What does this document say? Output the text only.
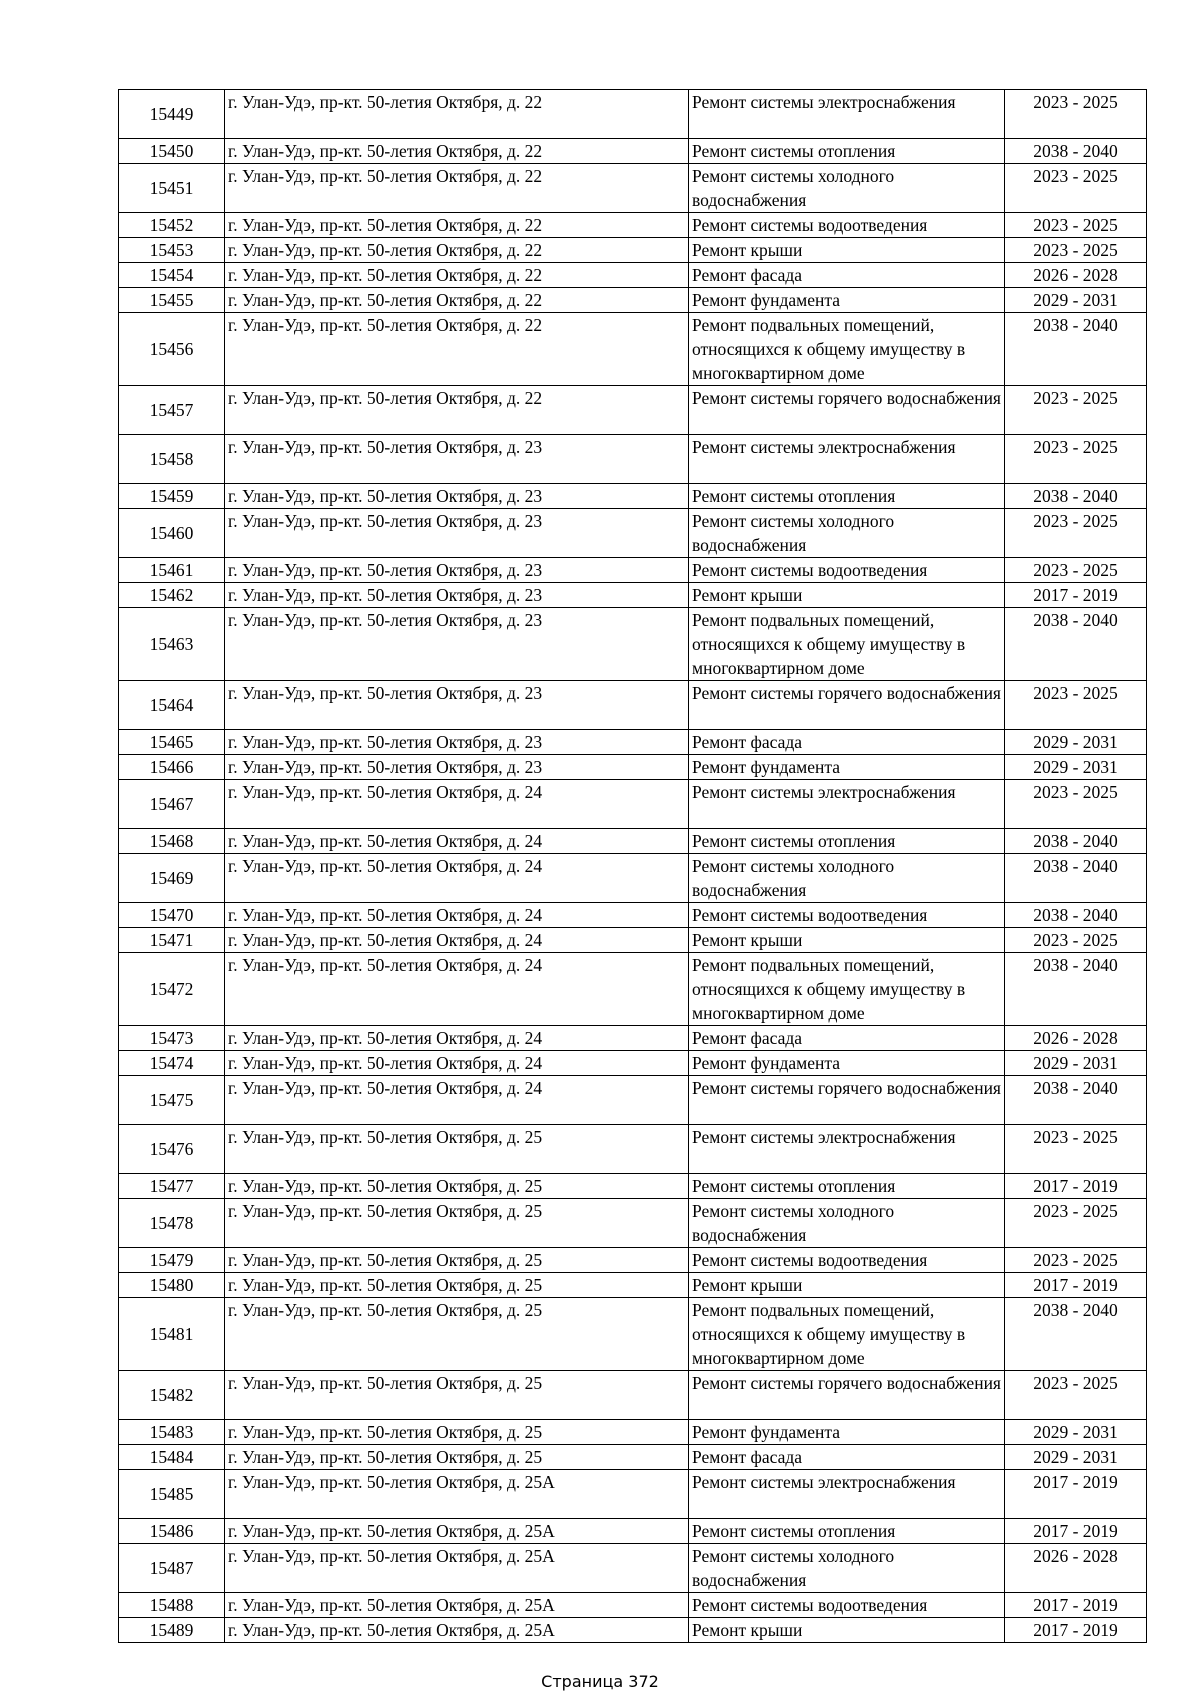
15449	г. Улан-Удэ, пр-кт. 50-летия Октября, д. 22	Ремонт системы электроснабжения	2023 - 2025
15450	г. Улан-Удэ, пр-кт. 50-летия Октября, д. 22	Ремонт системы отопления	2038 - 2040
15451	г. Улан-Удэ, пр-кт. 50-летия Октября, д. 22	Ремонт системы холодного водоснабжения	2023 - 2025
15452	г. Улан-Удэ, пр-кт. 50-летия Октября, д. 22	Ремонт системы водоотведения	2023 - 2025
15453	г. Улан-Удэ, пр-кт. 50-летия Октября, д. 22	Ремонт крыши	2023 - 2025
15454	г. Улан-Удэ, пр-кт. 50-летия Октября, д. 22	Ремонт фасада	2026 - 2028
15455	г. Улан-Удэ, пр-кт. 50-летия Октября, д. 22	Ремонт фундамента	2029 - 2031
15456	г. Улан-Удэ, пр-кт. 50-летия Октября, д. 22	Ремонт подвальных помещений, относящихся к общему имуществу в многоквартирном доме	2038 - 2040
15457	г. Улан-Удэ, пр-кт. 50-летия Октября, д. 22	Ремонт системы горячего водоснабжения	2023 - 2025
15458	г. Улан-Удэ, пр-кт. 50-летия Октября, д. 23	Ремонт системы электроснабжения	2023 - 2025
15459	г. Улан-Удэ, пр-кт. 50-летия Октября, д. 23	Ремонт системы отопления	2038 - 2040
15460	г. Улан-Удэ, пр-кт. 50-летия Октября, д. 23	Ремонт системы холодного водоснабжения	2023 - 2025
15461	г. Улан-Удэ, пр-кт. 50-летия Октября, д. 23	Ремонт системы водоотведения	2023 - 2025
15462	г. Улан-Удэ, пр-кт. 50-летия Октября, д. 23	Ремонт крыши	2017 - 2019
15463	г. Улан-Удэ, пр-кт. 50-летия Октября, д. 23	Ремонт подвальных помещений, относящихся к общему имуществу в многоквартирном доме	2038 - 2040
15464	г. Улан-Удэ, пр-кт. 50-летия Октября, д. 23	Ремонт системы горячего водоснабжения	2023 - 2025
15465	г. Улан-Удэ, пр-кт. 50-летия Октября, д. 23	Ремонт фасада	2029 - 2031
15466	г. Улан-Удэ, пр-кт. 50-летия Октября, д. 23	Ремонт фундамента	2029 - 2031
15467	г. Улан-Удэ, пр-кт. 50-летия Октября, д. 24	Ремонт системы электроснабжения	2023 - 2025
15468	г. Улан-Удэ, пр-кт. 50-летия Октября, д. 24	Ремонт системы отопления	2038 - 2040
15469	г. Улан-Удэ, пр-кт. 50-летия Октября, д. 24	Ремонт системы холодного водоснабжения	2038 - 2040
15470	г. Улан-Удэ, пр-кт. 50-летия Октября, д. 24	Ремонт системы водоотведения	2038 - 2040
15471	г. Улан-Удэ, пр-кт. 50-летия Октября, д. 24	Ремонт крыши	2023 - 2025
15472	г. Улан-Удэ, пр-кт. 50-летия Октября, д. 24	Ремонт подвальных помещений, относящихся к общему имуществу в многоквартирном доме	2038 - 2040
15473	г. Улан-Удэ, пр-кт. 50-летия Октября, д. 24	Ремонт фасада	2026 - 2028
15474	г. Улан-Удэ, пр-кт. 50-летия Октября, д. 24	Ремонт фундамента	2029 - 2031
15475	г. Улан-Удэ, пр-кт. 50-летия Октября, д. 24	Ремонт системы горячего водоснабжения	2038 - 2040
15476	г. Улан-Удэ, пр-кт. 50-летия Октября, д. 25	Ремонт системы электроснабжения	2023 - 2025
15477	г. Улан-Удэ, пр-кт. 50-летия Октября, д. 25	Ремонт системы отопления	2017 - 2019
15478	г. Улан-Удэ, пр-кт. 50-летия Октября, д. 25	Ремонт системы холодного водоснабжения	2023 - 2025
15479	г. Улан-Удэ, пр-кт. 50-летия Октября, д. 25	Ремонт системы водоотведения	2023 - 2025
15480	г. Улан-Удэ, пр-кт. 50-летия Октября, д. 25	Ремонт крыши	2017 - 2019
15481	г. Улан-Удэ, пр-кт. 50-летия Октября, д. 25	Ремонт подвальных помещений, относящихся к общему имуществу в многоквартирном доме	2038 - 2040
15482	г. Улан-Удэ, пр-кт. 50-летия Октября, д. 25	Ремонт системы горячего водоснабжения	2023 - 2025
15483	г. Улан-Удэ, пр-кт. 50-летия Октября, д. 25	Ремонт фундамента	2029 - 2031
15484	г. Улан-Удэ, пр-кт. 50-летия Октября, д. 25	Ремонт фасада	2029 - 2031
15485	г. Улан-Удэ, пр-кт. 50-летия Октября, д. 25А	Ремонт системы электроснабжения	2017 - 2019
15486	г. Улан-Удэ, пр-кт. 50-летия Октября, д. 25А	Ремонт системы отопления	2017 - 2019
15487	г. Улан-Удэ, пр-кт. 50-летия Октября, д. 25А	Ремонт системы холодного водоснабжения	2026 - 2028
15488	г. Улан-Удэ, пр-кт. 50-летия Октября, д. 25А	Ремонт системы водоотведения	2017 - 2019
15489	г. Улан-Удэ, пр-кт. 50-летия Октября, д. 25А	Ремонт крыши	2017 - 2019
Страница 372
